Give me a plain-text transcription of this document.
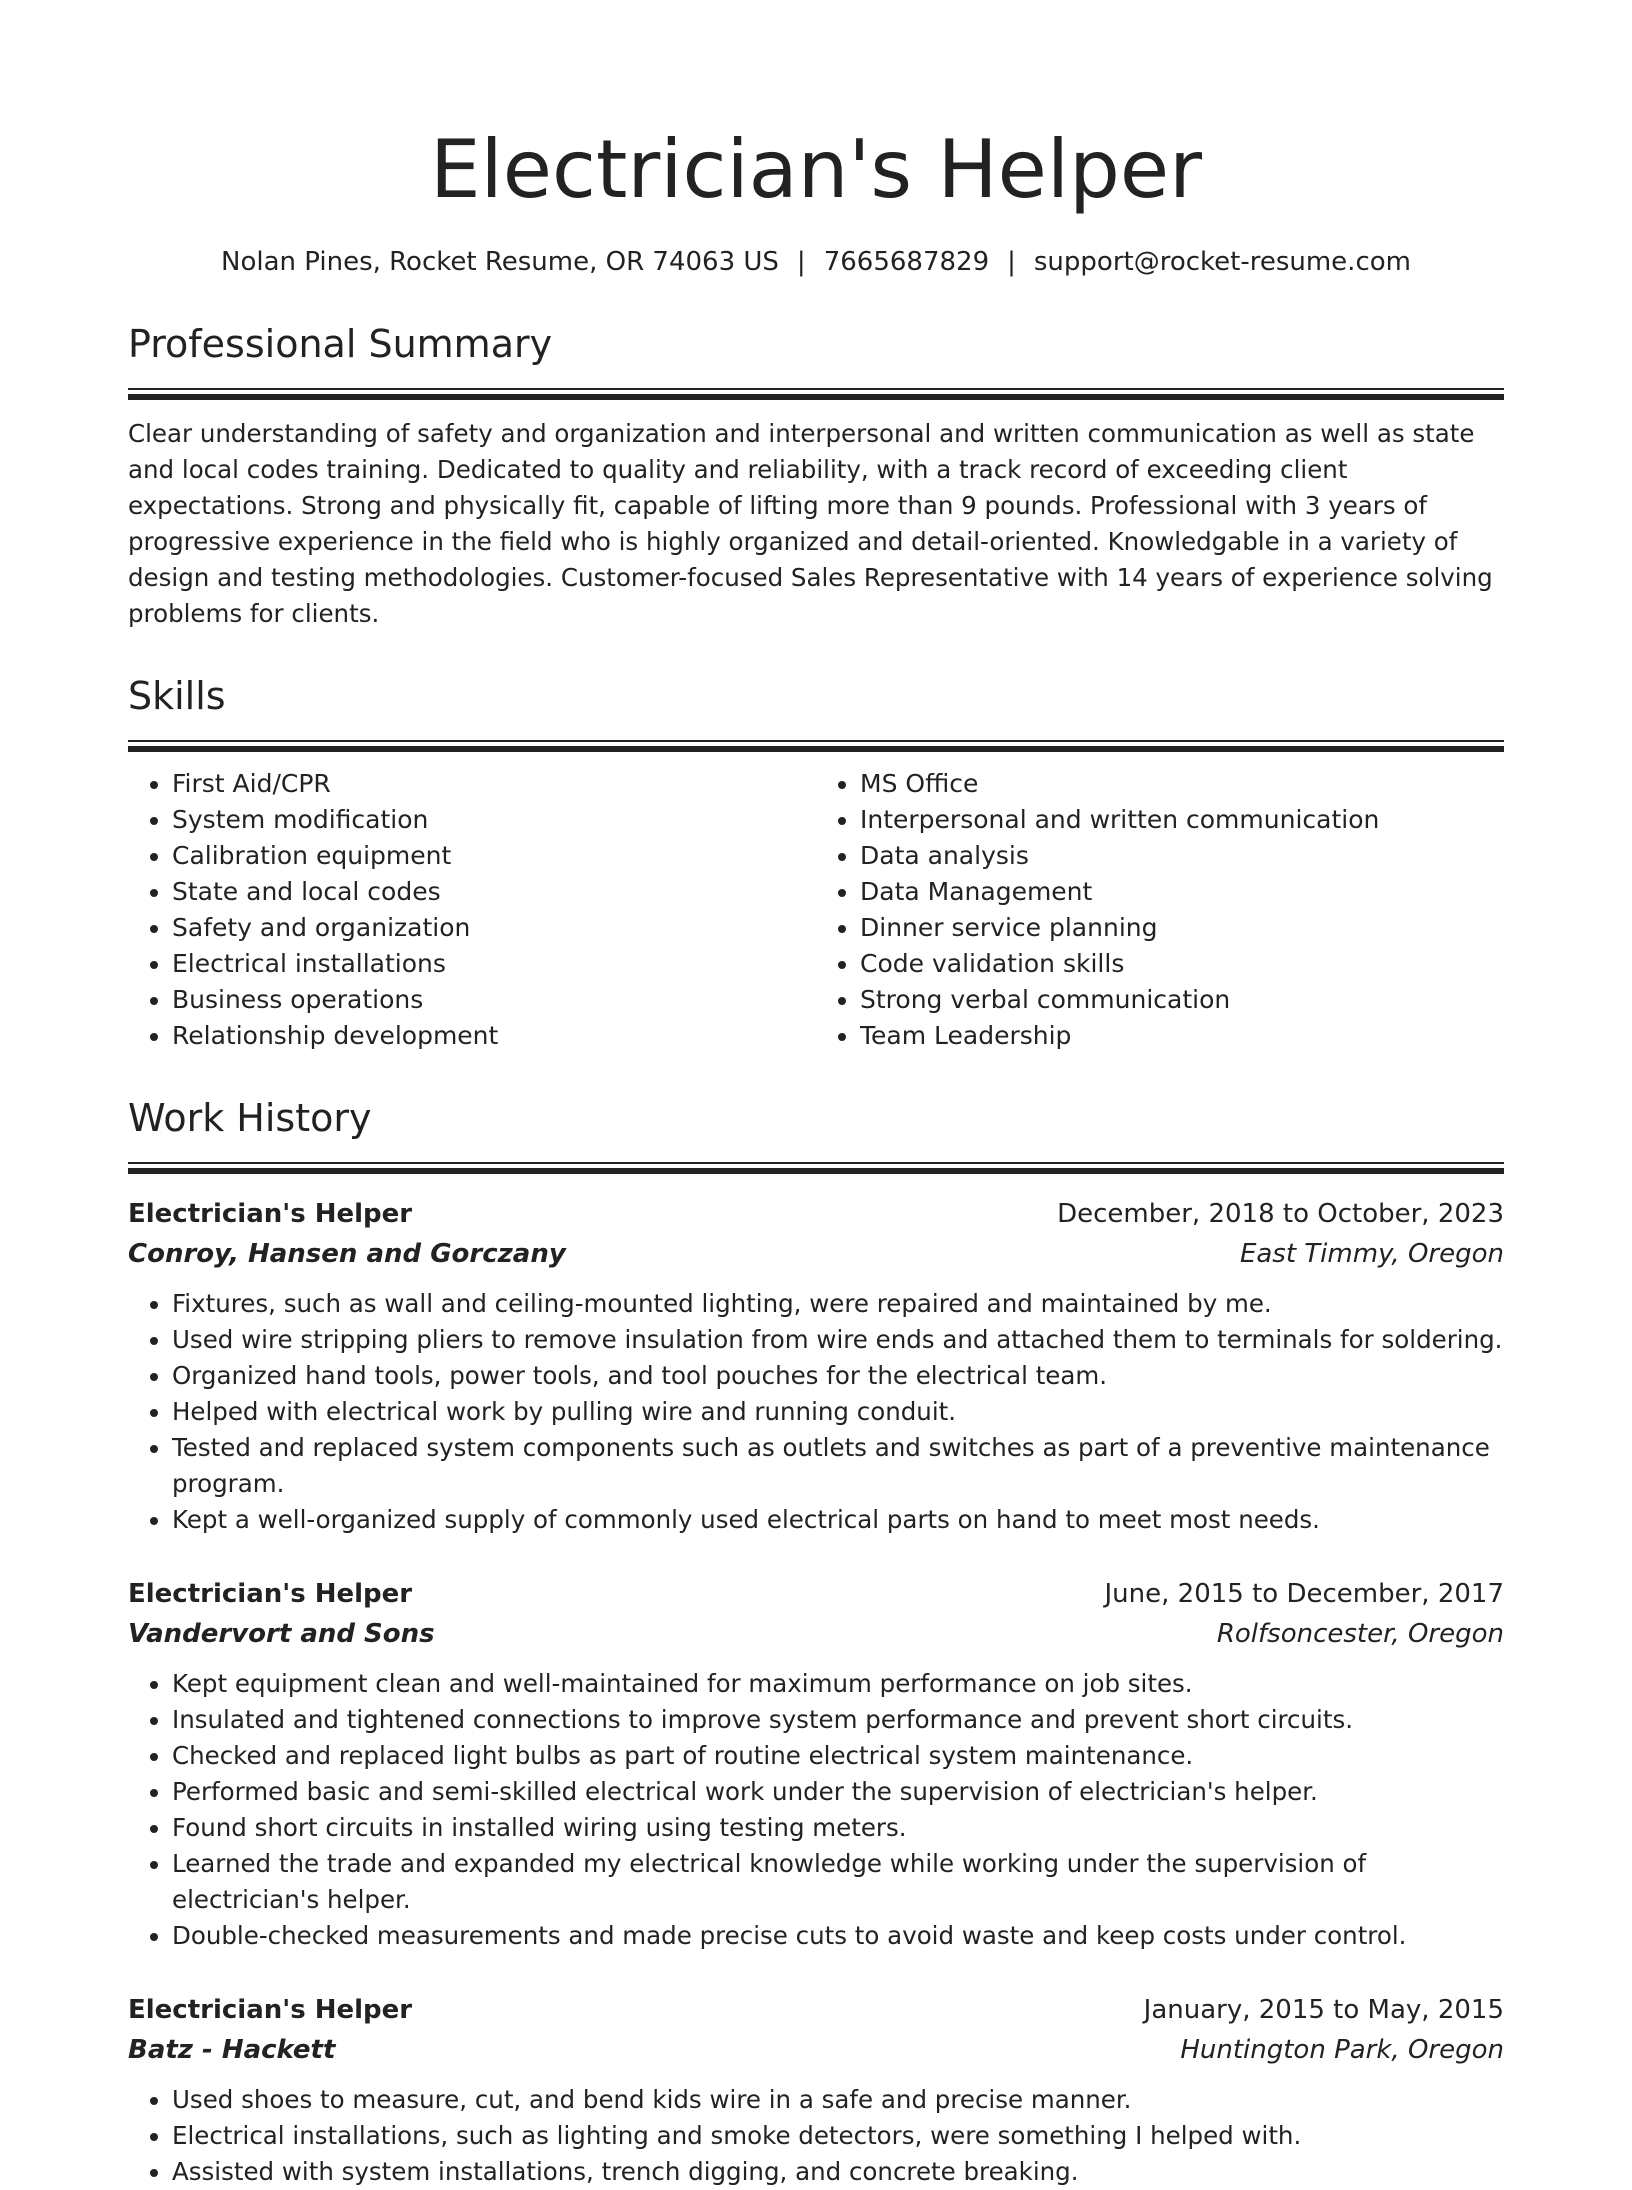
Electrician's Helper
Nolan Pines, Rocket Resume, OR 74063 US | 7665687829 | support@rocket-resume.com
Professional Summary

Clear understanding of safety and organization and interpersonal and written communication as well as state and local codes training. Dedicated to quality and reliability, with a track record of exceeding client expectations. Strong and physically fit, capable of lifting more than 9 pounds. Professional with 3 years of progressive experience in the field who is highly organized and detail-oriented. Knowledgable in a variety of design and testing methodologies. Customer-focused Sales Representative with 14 years of experience solving problems for clients.

Skills
• First Aid/CPR
• System modification
• Calibration equipment
• State and local codes
• Safety and organization
• Electrical installations
• Business operations
• Relationship development
• MS Office
• Interpersonal and written communication
• Data analysis
• Data Management
• Dinner service planning
• Code validation skills
• Strong verbal communication
• Team Leadership
Work History
Electrician's Helper	December, 2018 to October, 2023
Conroy, Hansen and Gorczany	East Timmy, Oregon
• Fixtures, such as wall and ceiling-mounted lighting, were repaired and maintained by me.
• Used wire stripping pliers to remove insulation from wire ends and attached them to terminals for soldering.
• Organized hand tools, power tools, and tool pouches for the electrical team.
• Helped with electrical work by pulling wire and running conduit.
• Tested and replaced system components such as outlets and switches as part of a preventive maintenance program.
• Kept a well-organized supply of commonly used electrical parts on hand to meet most needs.
Electrician's Helper	June, 2015 to December, 2017
Vandervort and Sons	Rolfsoncester, Oregon
• Kept equipment clean and well-maintained for maximum performance on job sites.
• Insulated and tightened connections to improve system performance and prevent short circuits.
• Checked and replaced light bulbs as part of routine electrical system maintenance.
• Performed basic and semi-skilled electrical work under the supervision of electrician's helper.
• Found short circuits in installed wiring using testing meters.
• Learned the trade and expanded my electrical knowledge while working under the supervision of electrician's helper.
• Double-checked measurements and made precise cuts to avoid waste and keep costs under control.
Electrician's Helper	January, 2015 to May, 2015
Batz - Hackett	Huntington Park, Oregon
• Used shoes to measure, cut, and bend kids wire in a safe and precise manner.
• Electrical installations, such as lighting and smoke detectors, were something I helped with.
• Assisted with system installations, trench digging, and concrete breaking.
